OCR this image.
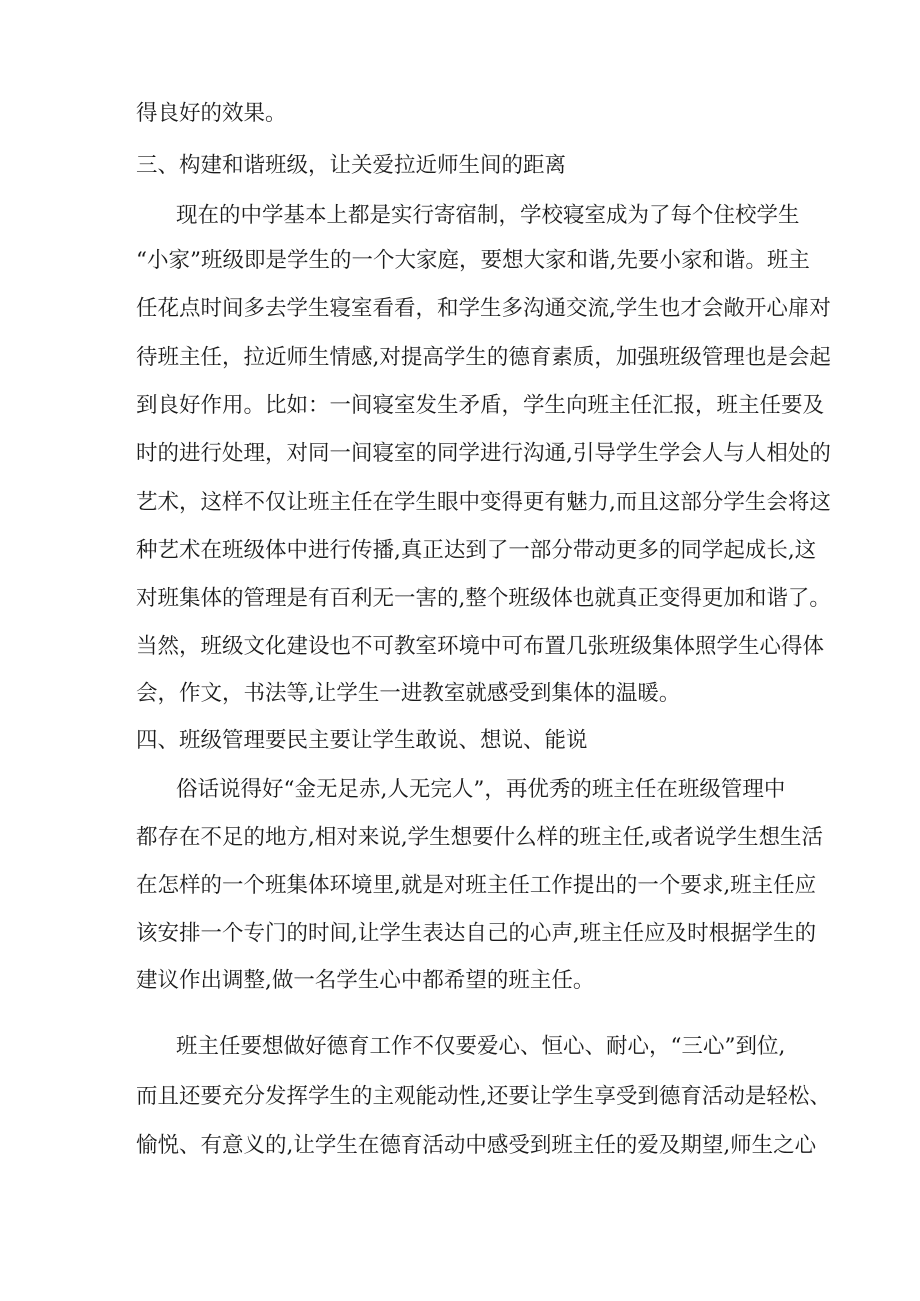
得良好的效果。

三、构建和谐班级，让关爱拉近师生间的距离

现在的中学基本上都是实行寄宿制，学校寝室成为了每个住校学生

“小家”班级即是学生的一个大家庭，要想大家和谐,先要小家和谐。班主

任花点时间多去学生寝室看看，和学生多沟通交流,学生也才会敞开心扉对

待班主任，拉近师生情感,对提高学生的德育素质，加强班级管理也是会起

到良好作用。比如：一间寝室发生矛盾，学生向班主任汇报，班主任要及

时的进行处理，对同一间寝室的同学进行沟通,引导学生学会人与人相处的

艺术，这样不仅让班主任在学生眼中变得更有魅力,而且这部分学生会将这

种艺术在班级体中进行传播,真正达到了一部分带动更多的同学起成长,这

对班集体的管理是有百利无一害的,整个班级体也就真正变得更加和谐了。

当然，班级文化建设也不可教室环境中可布置几张班级集体照学生心得体

会，作文，书法等,让学生一进教室就感受到集体的温暖。

四、班级管理要民主要让学生敢说、想说、能说

俗话说得好“金无足赤,人无完人”，再优秀的班主任在班级管理中

都存在不足的地方,相对来说,学生想要什么样的班主任,或者说学生想生活

在怎样的一个班集体环境里,就是对班主任工作提出的一个要求,班主任应

该安排一个专门的时间,让学生表达自己的心声,班主任应及时根据学生的

建议作出调整,做一名学生心中都希望的班主任。

班主任要想做好德育工作不仅要爱心、恒心、耐心，“三心”到位,

而且还要充分发挥学生的主观能动性,还要让学生享受到德育活动是轻松、

愉悦、有意义的,让学生在德育活动中感受到班主任的爱及期望,师生之心
